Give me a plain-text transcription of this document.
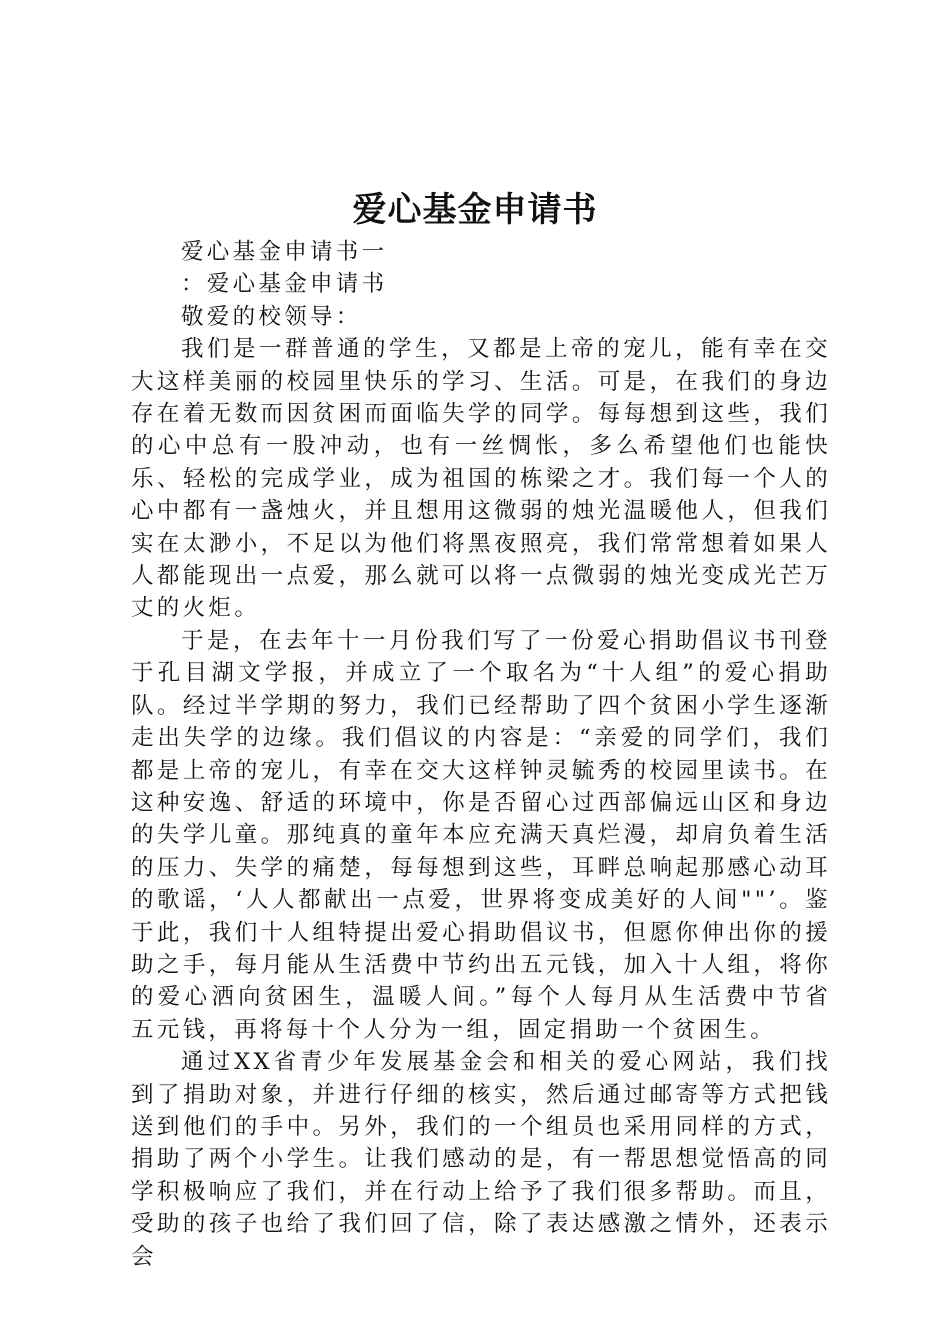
爱心基金申请书

爱心基金申请书一

：爱心基金申请书

敬爱的校领导：

我们是一群普通的学生，又都是上帝的宠儿，能有幸在交大这样美丽的校园里快乐的学习、生活。可是，在我们的身边存在着无数而因贫困而面临失学的同学。每每想到这些，我们的心中总有一股冲动，也有一丝惆怅，多么希望他们也能快乐、轻松的完成学业，成为祖国的栋梁之才。我们每一个人的心中都有一盏烛火，并且想用这微弱的烛光温暖他人，但我们实在太渺小，不足以为他们将黑夜照亮，我们常常想着如果人人都能现出一点爱，那么就可以将一点微弱的烛光变成光芒万丈的火炬。

于是，在去年十一月份我们写了一份爱心捐助倡议书刊登于孔目湖文学报，并成立了一个取名为“十人组”的爱心捐助队。经过半学期的努力，我们已经帮助了四个贫困小学生逐渐走出失学的边缘。我们倡议的内容是：“亲爱的同学们，我们都是上帝的宠儿，有幸在交大这样钟灵毓秀的校园里读书。在这种安逸、舒适的环境中，你是否留心过西部偏远山区和身边的失学儿童。那纯真的童年本应充满天真烂漫，却肩负着生活的压力、失学的痛楚，每每想到这些，耳畔总响起那感心动耳的歌谣，‘人人都献出一点爱，世界将变成美好的人间""’。鉴于此，我们十人组特提出爱心捐助倡议书，但愿你伸出你的援助之手，每月能从生活费中节约出五元钱，加入十人组，将你的爱心洒向贫困生，温暖人间。”每个人每月从生活费中节省五元钱，再将每十个人分为一组，固定捐助一个贫困生。

通过XX省青少年发展基金会和相关的爱心网站，我们找到了捐助对象，并进行仔细的核实，然后通过邮寄等方式把钱送到他们的手中。另外，我们的一个组员也采用同样的方式，捐助了两个小学生。让我们感动的是，有一帮思想觉悟高的同学积极响应了我们，并在行动上给予了我们很多帮助。而且，受助的孩子也给了我们回了信，除了表达感激之情外，还表示会
